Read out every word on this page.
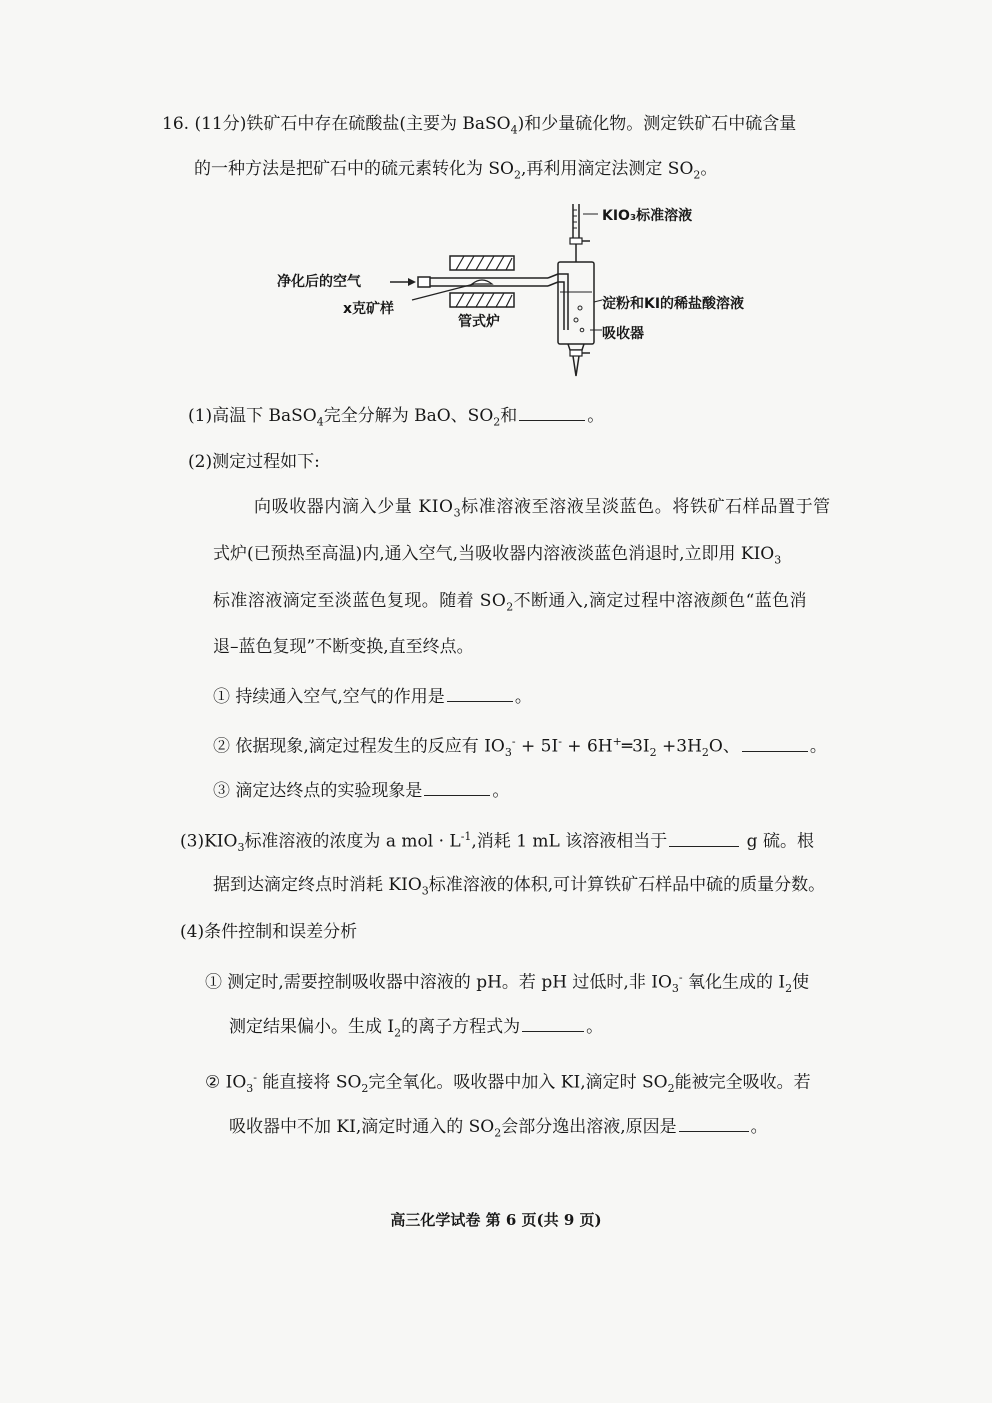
16. (11分)铁矿石中存在硫酸盐(主要为 BaSO$_4$)和少量硫化物。测定铁矿石中硫含量
的一种方法是把矿石中的硫元素转化为 $SO_2$,再利用滴定法测定 $SO_2$。
KIO₃标准溶液
净化后的空气
x克矿样
管式炉
淀粉和KI的稀盐酸溶液
吸收器
(1)高温下 BaSO$_4$完全分解为 BaO、$SO_2$和	。
(2)测定过程如下:
向吸收器内滴入少量 $KIO_3$标准溶液至溶液呈淡蓝色。将铁矿石样品置于管
式炉(已预热至高温)内,通入空气,当吸收器内溶液淡蓝色消退时,立即用 $KIO_3$
标准溶液滴定至淡蓝色复现。随着 $SO_2$不断通入,滴定过程中溶液颜色“蓝色消
退–蓝色复现”不断变换,直至终点。
① 持续通入空气,空气的作用是	。
② 依据现象,滴定过程发生的反应有 $IO_3^- + 5I^-$ + $6H^+═3I_2 +3H_2O$、	。
③ 滴定达终点的实验现象是	。
$(3)KIO_3$标准溶液的浓度为 a mol · $L^{-1}$,消耗 1 mL 该溶液相当于	g 硫。根
据到达滴定终点时消耗 $KIO_3$标准溶液的体积,可计算铁矿石样品中硫的质量分数。
(4)条件控制和误差分析
① 测定时,需要控制吸收器中溶液的 pH。若 pH 过低时,非 $IO_3^-$ 氧化生成的 $I_2$使
测定结果偏小。生成 $I_2$的离子方程式为	。
② $IO_3^-$ 能直接将 $SO_2$完全氧化。吸收器中加入 KI,滴定时 $SO_2$能被完全吸收。若
吸收器中不加 KI,滴定时通入的 $SO_2$会部分逸出溶液,原因是	。
高三化学试卷 第 6 页(共 9 页)
